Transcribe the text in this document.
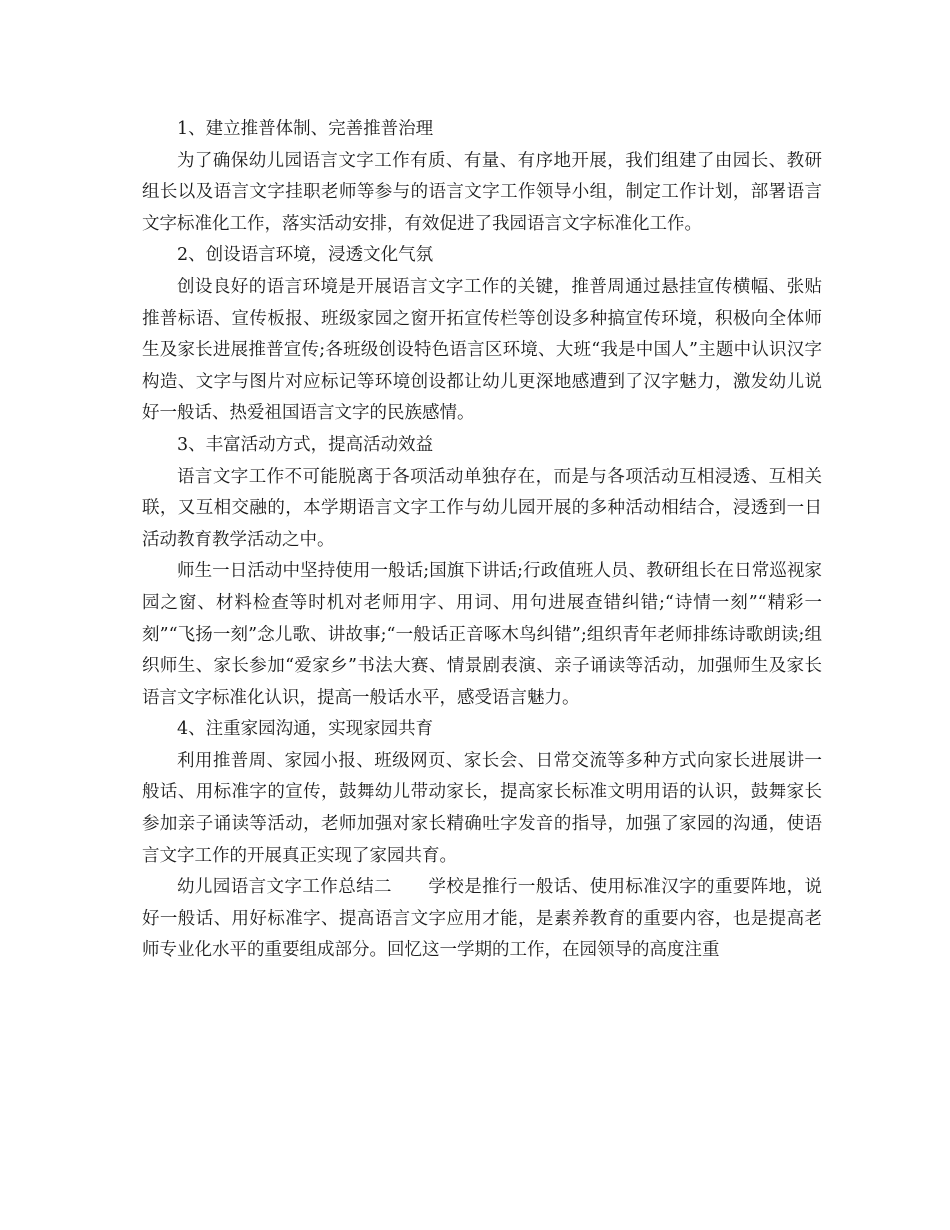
1、建立推普体制、完善推普治理

为了确保幼儿园语言文字工作有质、有量、有序地开展，我们组建了由园长、教研组长以及语言文字挂职老师等参与的语言文字工作领导小组，制定工作计划，部署语言文字标准化工作，落实活动安排，有效促进了我园语言文字标准化工作。

2、创设语言环境，浸透文化气氛

创设良好的语言环境是开展语言文字工作的关键，推普周通过悬挂宣传横幅、张贴推普标语、宣传板报、班级家园之窗开拓宣传栏等创设多种搞宣传环境，积极向全体师生及家长进展推普宣传;各班级创设特色语言区环境、大班“我是中国人”主题中认识汉字构造、文字与图片对应标记等环境创设都让幼儿更深地感遭到了汉字魅力，激发幼儿说好一般话、热爱祖国语言文字的民族感情。

3、丰富活动方式，提高活动效益

语言文字工作不可能脱离于各项活动单独存在，而是与各项活动互相浸透、互相关联，又互相交融的，本学期语言文字工作与幼儿园开展的多种活动相结合，浸透到一日活动教育教学活动之中。

师生一日活动中坚持使用一般话;国旗下讲话;行政值班人员、教研组长在日常巡视家园之窗、材料检查等时机对老师用字、用词、用句进展查错纠错;“诗情一刻”“精彩一刻”“飞扬一刻”念儿歌、讲故事;“一般话正音啄木鸟纠错”;组织青年老师排练诗歌朗读;组织师生、家长参加“爱家乡”书法大赛、情景剧表演、亲子诵读等活动，加强师生及家长语言文字标准化认识，提高一般话水平，感受语言魅力。

4、注重家园沟通，实现家园共育

利用推普周、家园小报、班级网页、家长会、日常交流等多种方式向家长进展讲一般话、用标准字的宣传，鼓舞幼儿带动家长，提高家长标准文明用语的认识，鼓舞家长参加亲子诵读等活动，老师加强对家长精确吐字发音的指导，加强了家园的沟通，使语言文字工作的开展真正实现了家园共育。

幼儿园语言文字工作总结二 学校是推行一般话、使用标准汉字的重要阵地，说好一般话、用好标准字、提高语言文字应用才能，是素养教育的重要内容，也是提高老师专业化水平的重要组成部分。回忆这一学期的工作，在园领导的高度注重
